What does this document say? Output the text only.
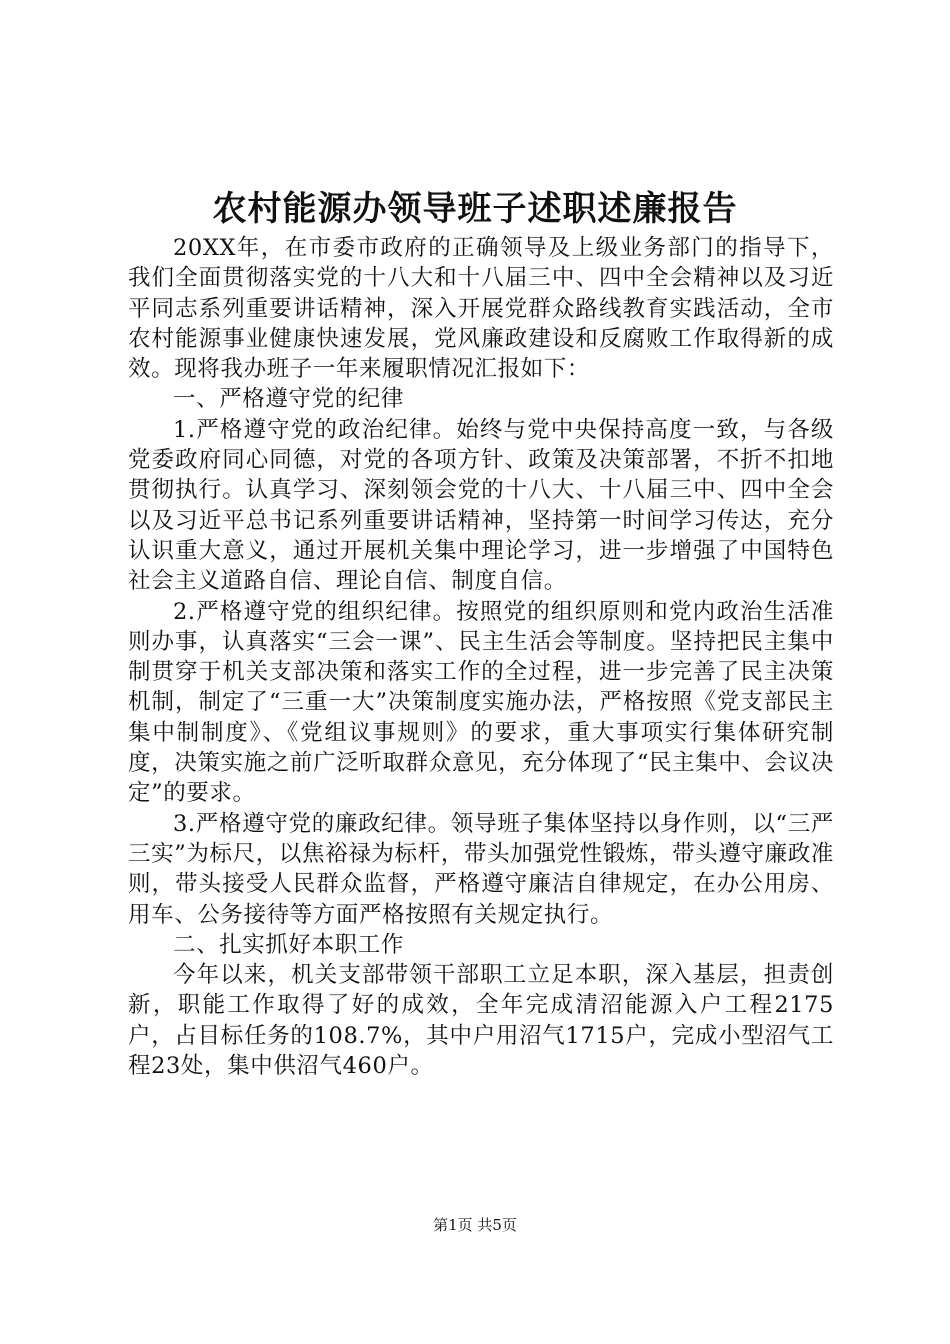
农村能源办领导班子述职述廉报告

20XX年，在市委市政府的正确领导及上级业务部门的指导下，我们全面贯彻落实党的十八大和十八届三中、四中全会精神以及习近平同志系列重要讲话精神，深入开展党群众路线教育实践活动，全市农村能源事业健康快速发展，党风廉政建设和反腐败工作取得新的成效。现将我办班子一年来履职情况汇报如下：

一、严格遵守党的纪律

1.严格遵守党的政治纪律。始终与党中央保持高度一致，与各级党委政府同心同德，对党的各项方针、政策及决策部署，不折不扣地贯彻执行。认真学习、深刻领会党的十八大、十八届三中、四中全会以及习近平总书记系列重要讲话精神，坚持第一时间学习传达，充分认识重大意义，通过开展机关集中理论学习，进一步增强了中国特色社会主义道路自信、理论自信、制度自信。

2.严格遵守党的组织纪律。按照党的组织原则和党内政治生活准则办事，认真落实“三会一课”、民主生活会等制度。坚持把民主集中制贯穿于机关支部决策和落实工作的全过程，进一步完善了民主决策机制，制定了“三重一大”决策制度实施办法，严格按照《党支部民主集中制制度》、《党组议事规则》的要求，重大事项实行集体研究制度，决策实施之前广泛听取群众意见，充分体现了“民主集中、会议决定”的要求。

3.严格遵守党的廉政纪律。领导班子集体坚持以身作则，以“三严三实”为标尺，以焦裕禄为标杆，带头加强党性锻炼，带头遵守廉政准则，带头接受人民群众监督，严格遵守廉洁自律规定，在办公用房、用车、公务接待等方面严格按照有关规定执行。

二、扎实抓好本职工作

今年以来，机关支部带领干部职工立足本职，深入基层，担责创新，职能工作取得了好的成效，全年完成清沼能源入户工程2175户，占目标任务的108.7%，其中户用沼气1715户，完成小型沼气工程23处，集中供沼气460户。

第1页 共5页
